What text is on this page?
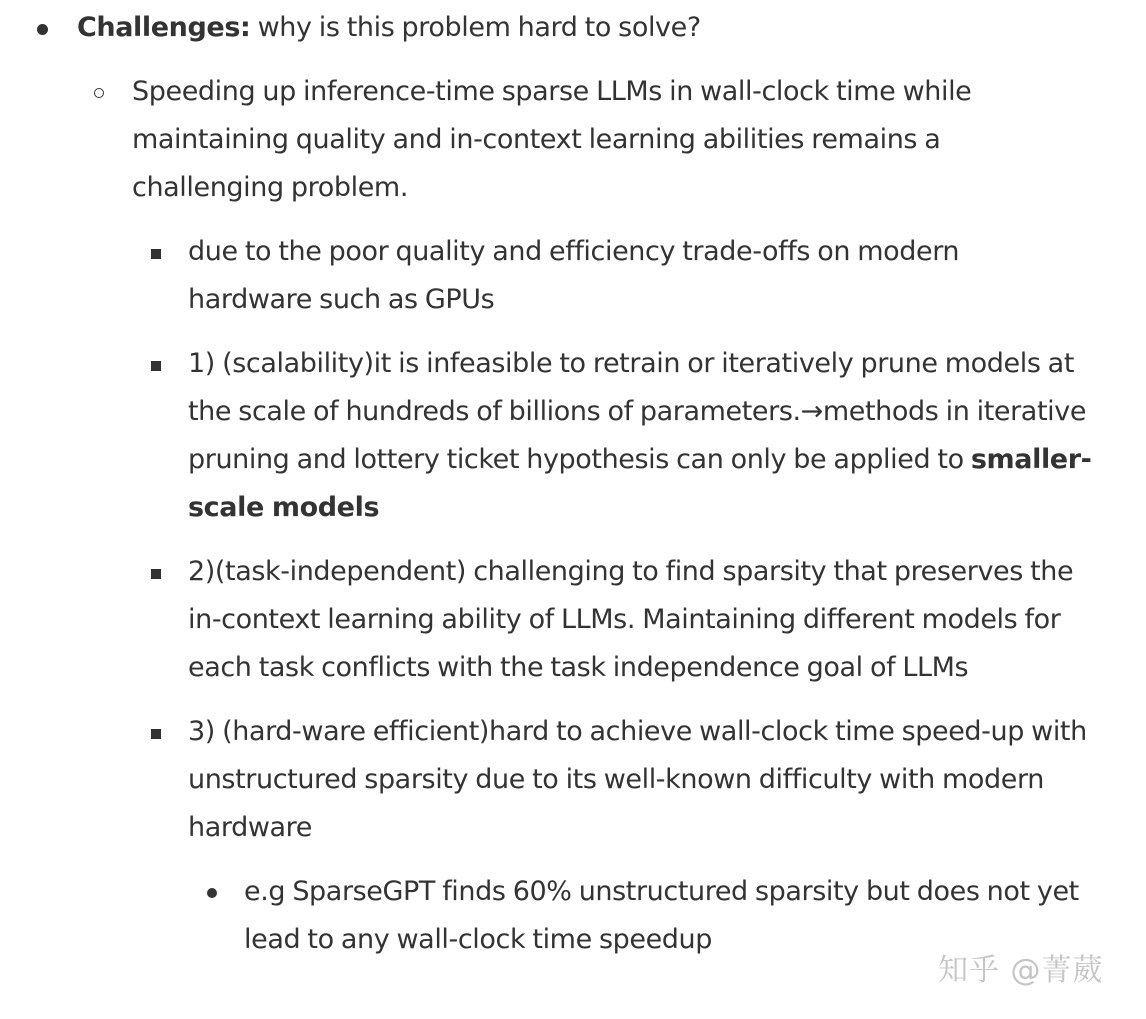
Challenges: why is this problem hard to solve?
Speeding up inference-time sparse LLMs in wall-clock time while maintaining quality and in-context learning abilities remains a challenging problem.
due to the poor quality and efficiency trade-offs on modern hardware such as GPUs
1) (scalability)it is infeasible to retrain or iteratively prune models at the scale of hundreds of billions of parameters.→methods in iterative pruning and lottery ticket hypothesis can only be applied to smaller-scale models
2)(task-independent) challenging to find sparsity that preserves the in-context learning ability of LLMs. Maintaining different models for each task conflicts with the task independence goal of LLMs
3) (hard-ware efficient)hard to achieve wall-clock time speed-up with unstructured sparsity due to its well-known difficulty with modern hardware
e.g SparseGPT finds 60% unstructured sparsity but does not yet lead to any wall-clock time speedup
知乎 @菁葳
